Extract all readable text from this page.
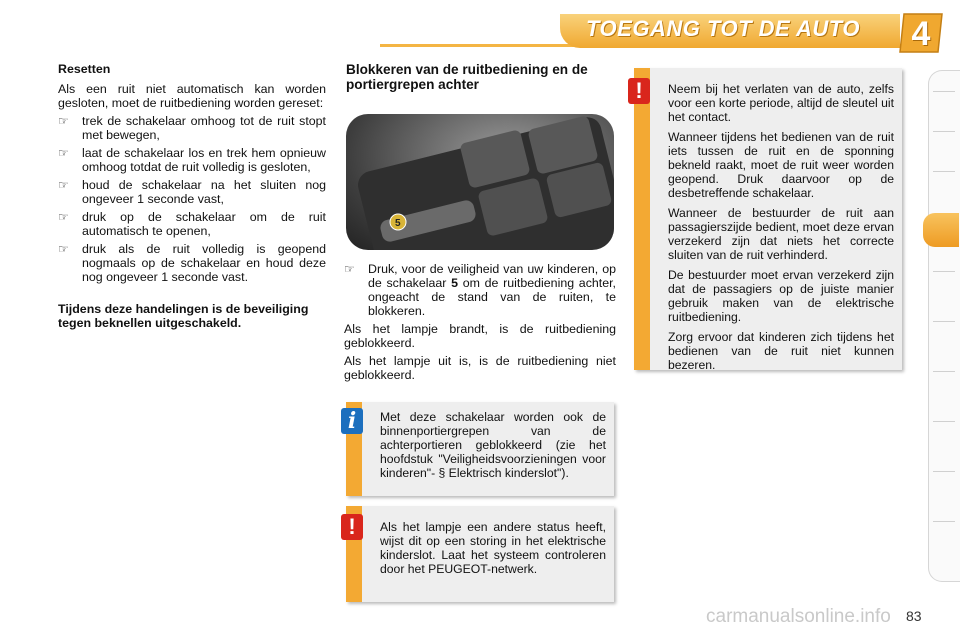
TOEGANG TOT DE AUTO	4
Resetten
Als een ruit niet automatisch kan worden gesloten, moet de ruitbediening worden gereset:
☞ trek de schakelaar omhoog tot de ruit stopt met bewegen,
☞ laat de schakelaar los en trek hem opnieuw omhoog totdat de ruit volledig is gesloten,
☞ houd de schakelaar na het sluiten nog ongeveer 1 seconde vast,
☞ druk op de schakelaar om de ruit automatisch te openen,
☞ druk als de ruit volledig is geopend nogmaals op de schakelaar en houd deze nog ongeveer 1 seconde vast.
Tijdens deze handelingen is de beveiliging tegen beknellen uitgeschakeld.
Blokkeren van de ruitbediening en de portiergrepen achter
5
☞ Druk, voor de veiligheid van uw kinderen, op de schakelaar 5 om de ruitbediening achter, ongeacht de stand van de ruiten, te blokkeren.
Als het lampje brandt, is de ruitbediening geblokkeerd.
Als het lampje uit is, is de ruitbediening niet geblokkeerd.
Neem bij het verlaten van de auto, zelfs voor een korte periode, altijd de sleutel uit het contact.
Wanneer tijdens het bedienen van de ruit iets tussen de ruit en de sponning bekneld raakt, moet de ruit weer worden geopend. Druk daarvoor op de desbetreffende schakelaar.
Wanneer de bestuurder de ruit aan passagierszijde bedient, moet deze ervan verzekerd zijn dat niets het correcte sluiten van de ruit verhinderd.
De bestuurder moet ervan verzekerd zijn dat de passagiers op de juiste manier gebruik maken van de elektrische ruitbediening.
Zorg ervoor dat kinderen zich tijdens het bedienen van de ruit niet kunnen bezeren.
!
Met deze schakelaar worden ook de binnenportiergrepen van de achterportieren geblokkeerd (zie het hoofdstuk "Veiligheidsvoorzieningen voor kinderen"- § Elektrisch kinderslot").
i
Als het lampje een andere status heeft, wijst dit op een storing in het elektrische kinderslot. Laat het systeem controleren door het PEUGEOT-netwerk.
!
carmanualsonline.info 83
